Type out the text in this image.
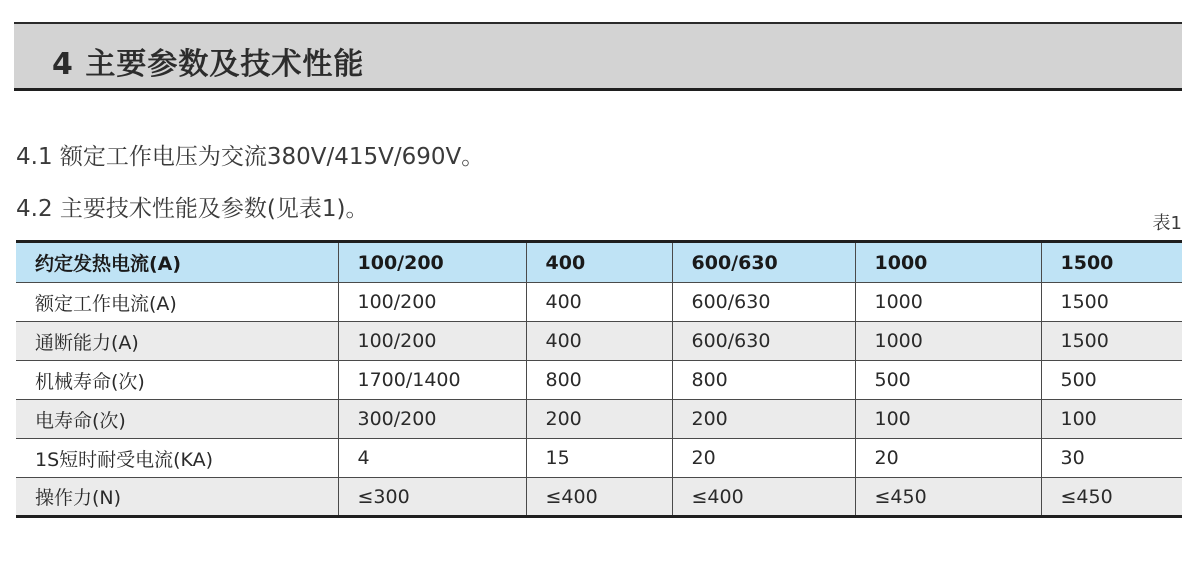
4 主要参数及技术性能
4.1 额定工作电压为交流380V/415V/690V。
4.2 主要技术性能及参数(见表1)。
表1
约定发热电流(A)	100/200	400	600/630	1000	1500
额定工作电流(A)	100/200	400	600/630	1000	1500
通断能力(A)	100/200	400	600/630	1000	1500
机械寿命(次)	1700/1400	800	800	500	500
电寿命(次)	300/200	200	200	100	100
1S短时耐受电流(KA)	4	15	20	20	30
操作力(N)	≤300	≤400	≤400	≤450	≤450
